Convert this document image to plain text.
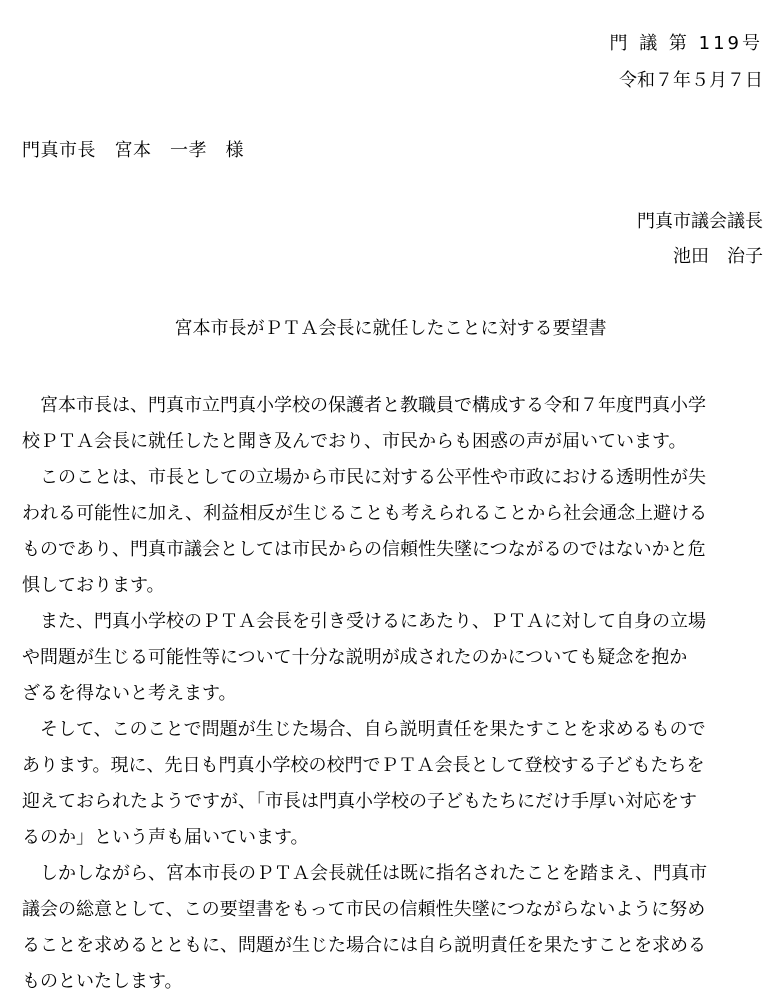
門 議 第 119号
令和７年５月７日
門真市長　宮本　一孝　様
門真市議会議長
池田　治子
宮本市長がＰＴＡ会長に就任したことに対する要望書
　宮本市長は、門真市立門真小学校の保護者と教職員で構成する令和７年度門真小学
校ＰＴＡ会長に就任したと聞き及んでおり、市民からも困惑の声が届いています。
　このことは、市長としての立場から市民に対する公平性や市政における透明性が失
われる可能性に加え、利益相反が生じることも考えられることから社会通念上避ける
ものであり、門真市議会としては市民からの信頼性失墜につながるのではないかと危
惧しております。
　また、門真小学校のＰＴＡ会長を引き受けるにあたり、ＰＴＡに対して自身の立場
や問題が生じる可能性等について十分な説明が成されたのかについても疑念を抱か
ざるを得ないと考えます。
　そして、このことで問題が生じた場合、自ら説明責任を果たすことを求めるもので
あります。現に、先日も門真小学校の校門でＰＴＡ会長として登校する子どもたちを
迎えておられたようですが、「市長は門真小学校の子どもたちにだけ手厚い対応をす
るのか」という声も届いています。
　しかしながら、宮本市長のＰＴＡ会長就任は既に指名されたことを踏まえ、門真市
議会の総意として、この要望書をもって市民の信頼性失墜につながらないように努め
ることを求めるとともに、問題が生じた場合には自ら説明責任を果たすことを求める
ものといたします。
